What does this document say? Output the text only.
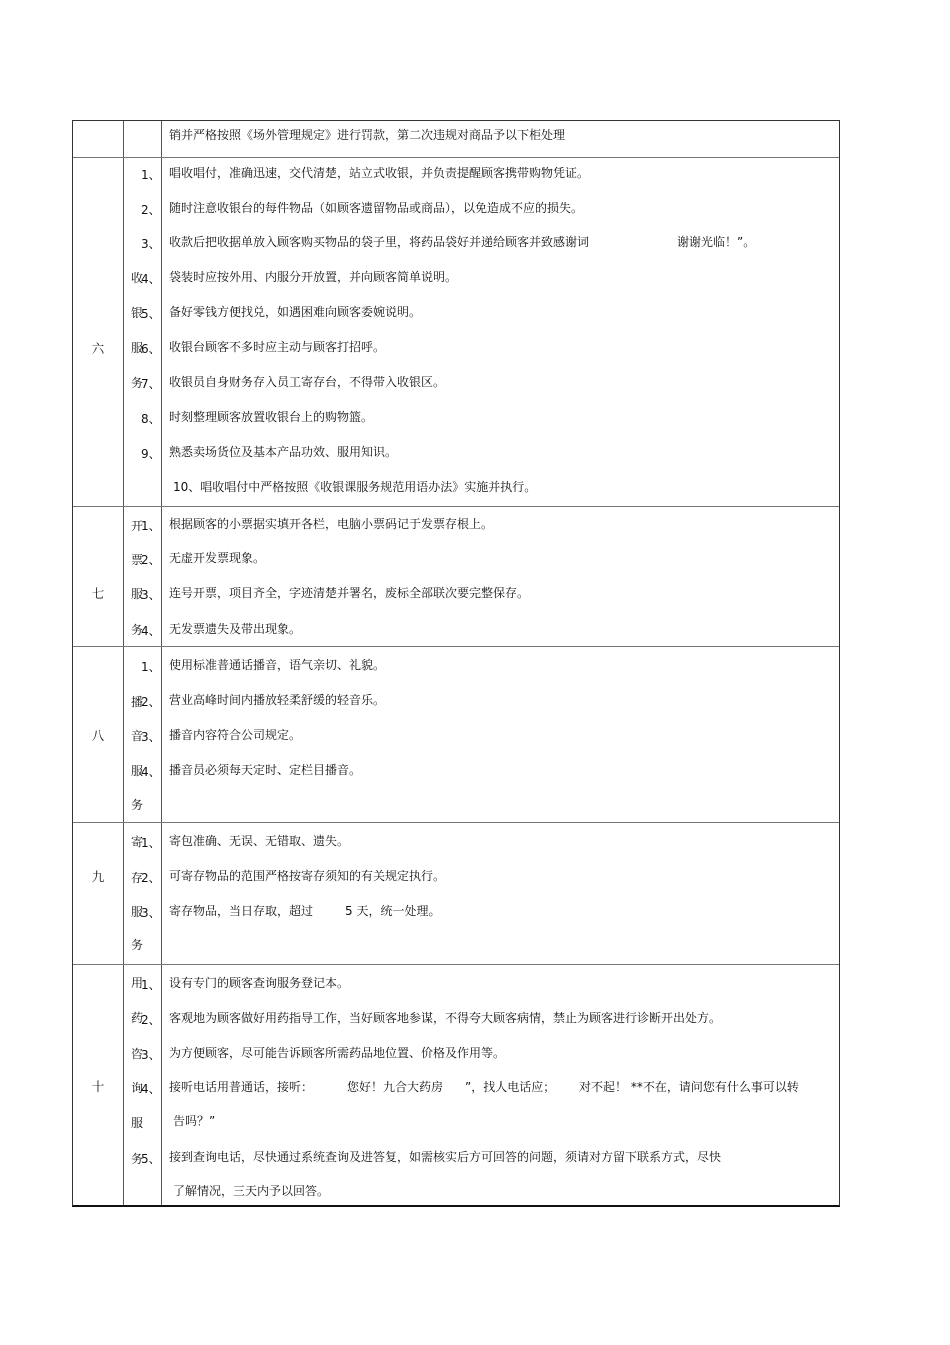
销并严格按照《场外管理规定》进行罚款，第二次违规对商品予以下柜处理
六
收
银
服
务
1、 唱收唱付，准确迅速，交代清楚，站立式收银，并负责提醒顾客携带购物凭证。
2、 随时注意收银台的每件物品（如顾客遗留物品或商品），以免造成不应的损失。
3、 收款后把收据单放入顾客购买物品的袋子里，将药品袋好并递给顾客并致感谢词	谢谢光临！”。
4、 袋装时应按外用、内服分开放置，并向顾客简单说明。
5、 备好零钱方便找兑，如遇困难向顾客委婉说明。
6、 收银台顾客不多时应主动与顾客打招呼。
7、 收银员自身财务存入员工寄存台，不得带入收银区。
8、 时刻整理顾客放置收银台上的购物篮。
9、 熟悉卖场货位及基本产品功效、服用知识。
10、唱收唱付中严格按照《收银课服务规范用语办法》实施并执行。
七
开
票
服
务
1、 根据顾客的小票据实填开各栏，电脑小票码记于发票存根上。
2、 无虚开发票现象。
3、 连号开票，项目齐全，字迹清楚并署名，废标全部联次要完整保存。
4、 无发票遗失及带出现象。
八
播
音
服
务
1、 使用标准普通话播音，语气亲切、礼貌。
2、 营业高峰时间内播放轻柔舒缓的轻音乐。
3、 播音内容符合公司规定。
4、 播音员必须每天定时、定栏目播音。
九
寄
存
服
务
1、 寄包准确、无误、无错取、遗失。
2、 可寄存物品的范围严格按寄存须知的有关规定执行。
3、 寄存物品，当日存取，超过	5 天，统一处理。
十
用
药
咨
询
服
务
1、 设有专门的顾客查询服务登记本。
2、 客观地为顾客做好用药指导工作，当好顾客地参谋，不得夸大顾客病情，禁止为顾客进行诊断开出处方。
3、 为方便顾客，尽可能告诉顾客所需药品地位置、价格及作用等。
4、 接听电话用普通话，接听：	您好！九合大药房 ”，找人电话应； 对不起！ **不在，请问您有什么事可以转
告吗？”
5、 接到查询电话，尽快通过系统查询及进答复，如需核实后方可回答的问题，须请对方留下联系方式，尽快
了解情况，三天内予以回答。
